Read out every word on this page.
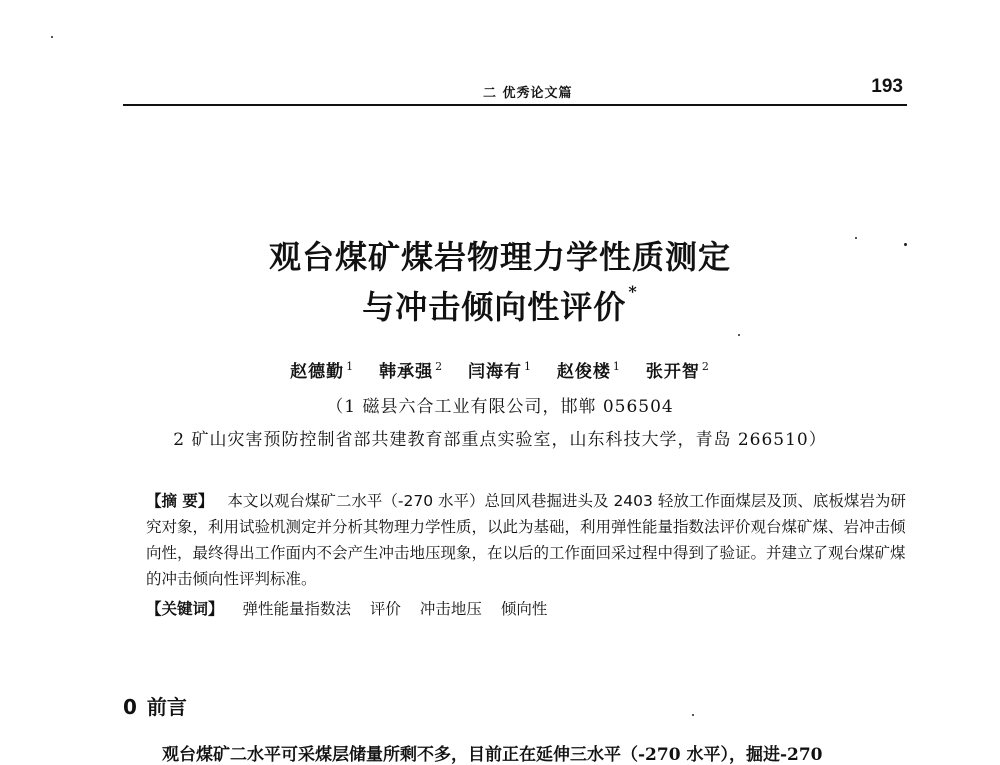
二 优秀论文篇	193
观台煤矿煤岩物理力学性质测定
与冲击倾向性评价 *
赵德勤 $^1$ 韩承强 $^2$ 闫海有 $^1$ 赵俊楼 $^1$ 张开智 $^2$
（1 磁县六合工业有限公司，邯郸 056504
2 矿山灾害预防控制省部共建教育部重点实验室，山东科技大学，青岛 266510）
【摘 要】 本文以观台煤矿二水平（-270 水平）总回风巷掘进头及 2403 轻放工作面煤层及顶、底板煤岩为研究对象，利用试验机测定并分析其物理力学性质，以此为基础，利用弹性能量指数法评价观台煤矿煤、岩冲击倾向性，最终得出工作面内不会产生冲击地压现象，在以后的工作面回采过程中得到了验证。并建立了观台煤矿煤的冲击倾向性评判标准。
【关键词】 弹性能量指数法 评价 冲击地压 倾向性
0 前言
观台煤矿二水平可采煤层储量所剩不多，目前正在延伸三水平（-270 水平），掘进-270
